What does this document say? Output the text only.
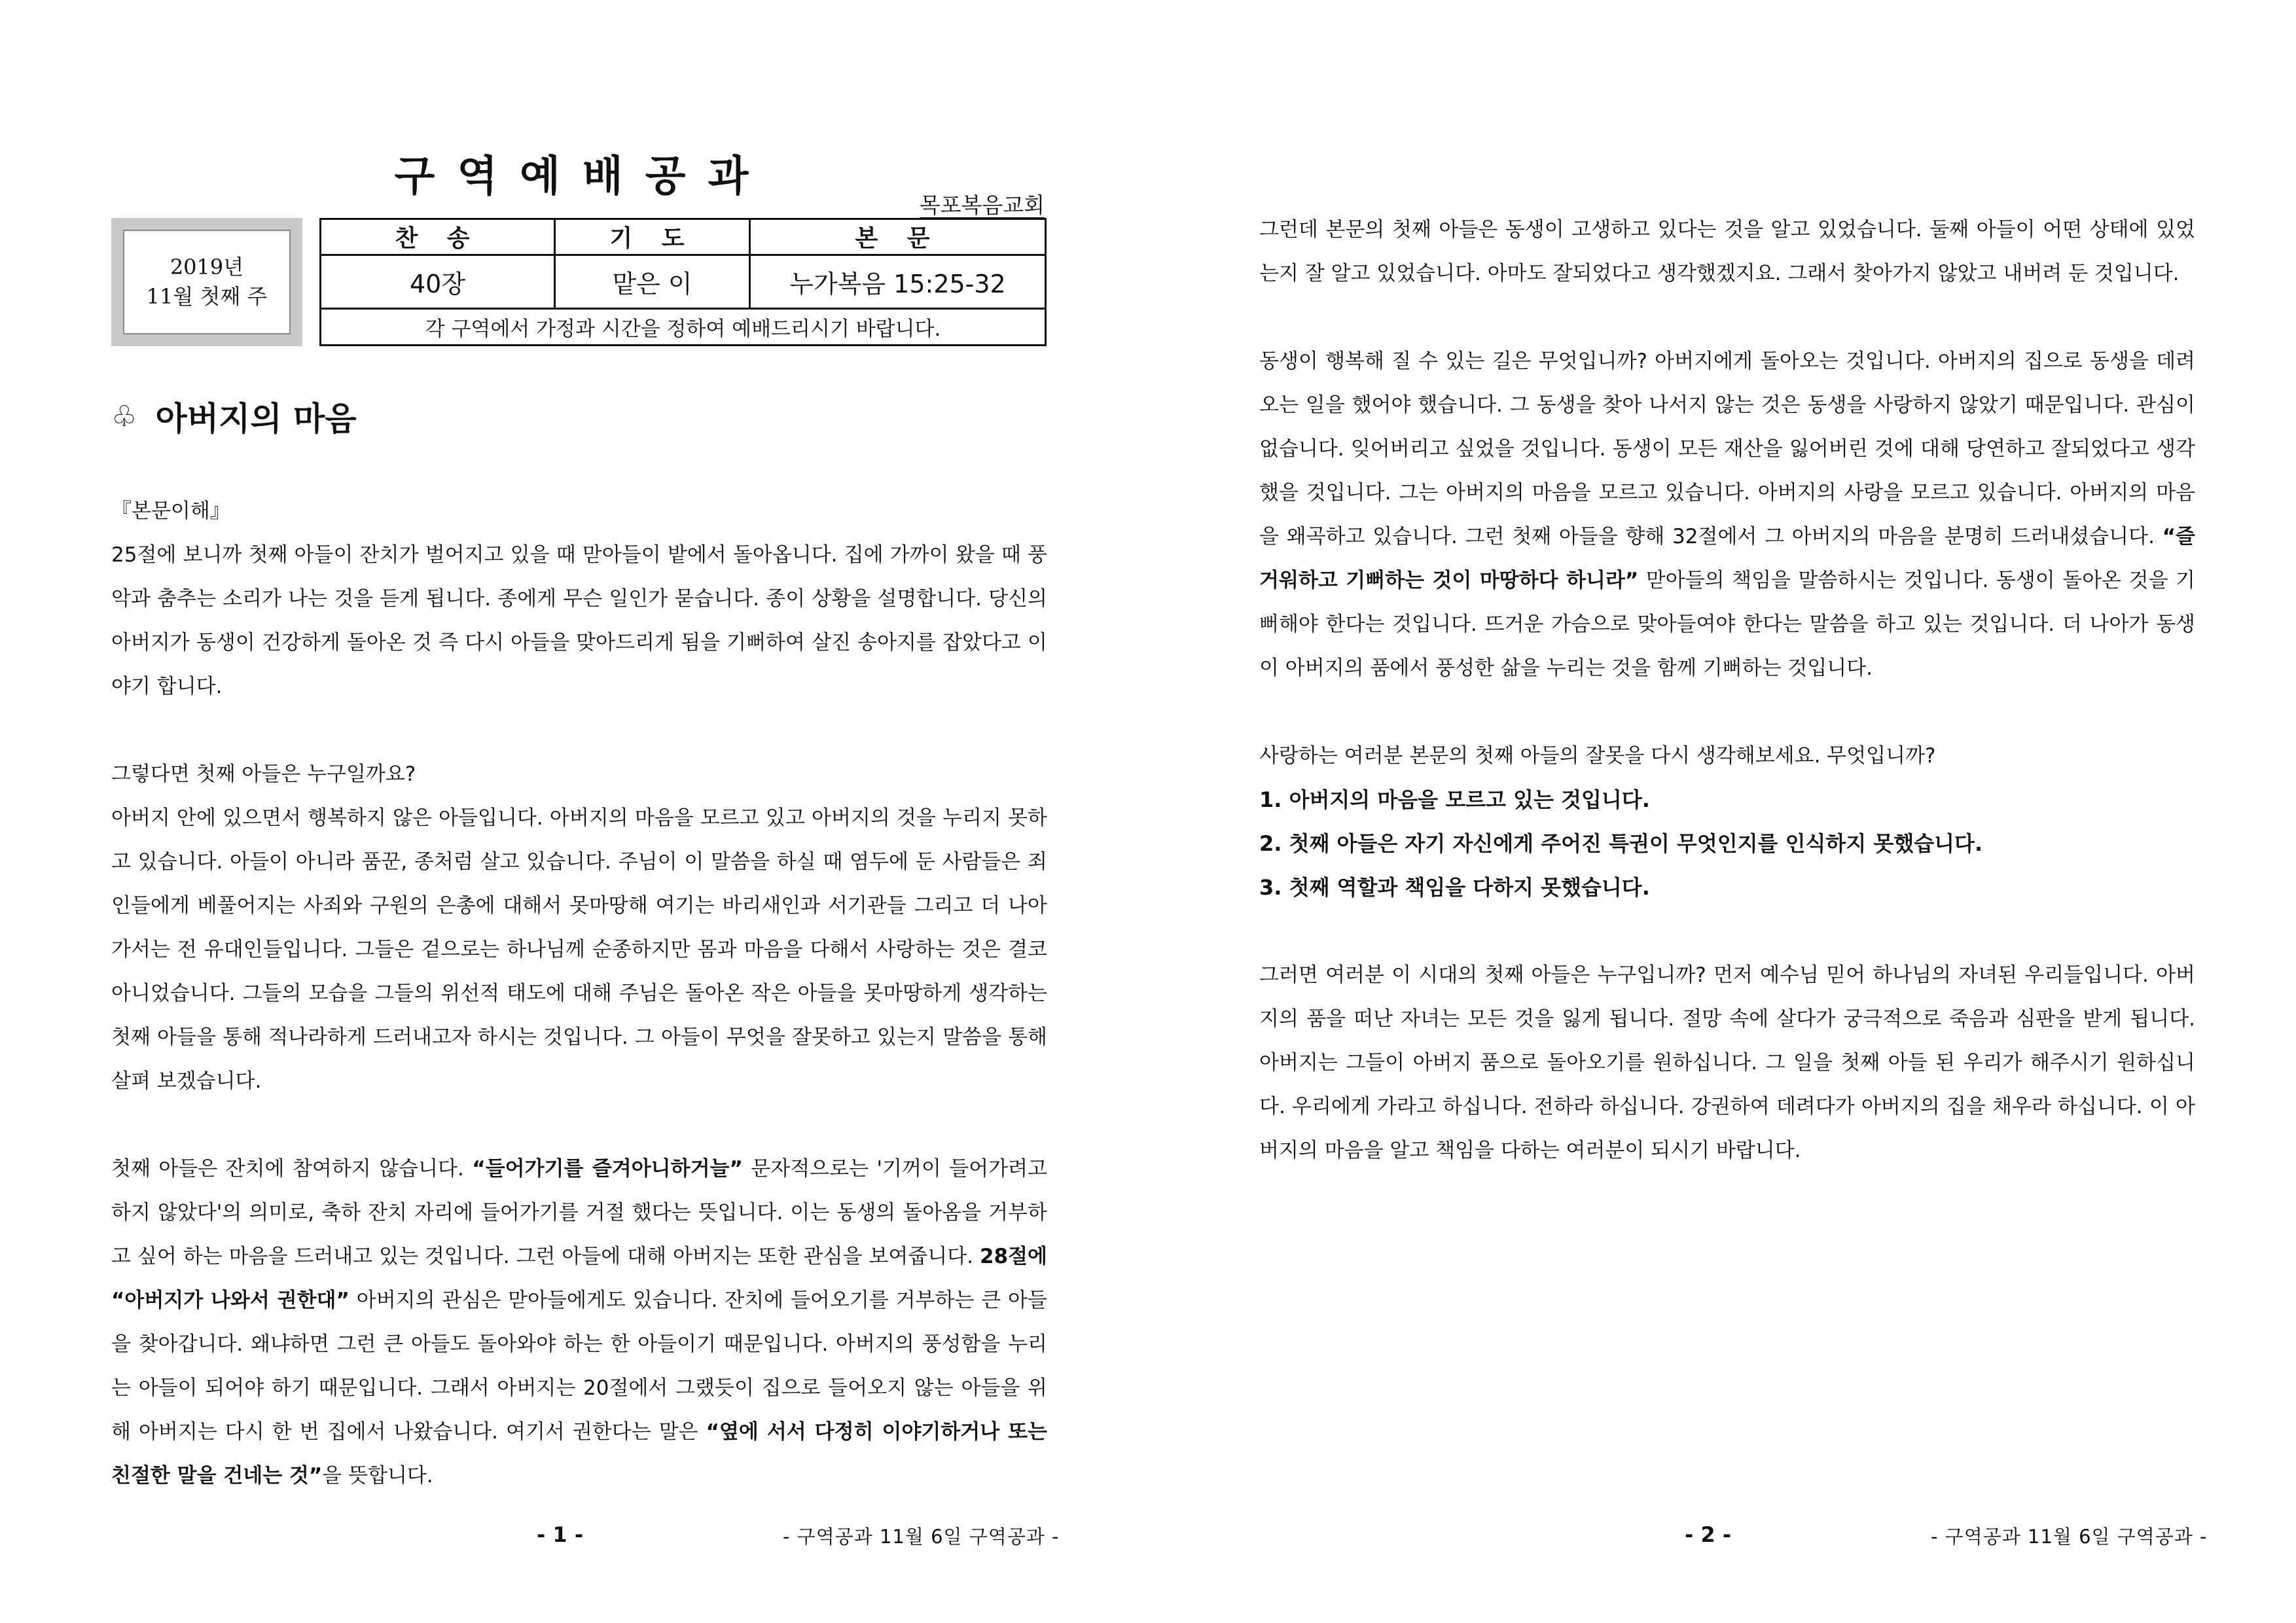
구역예배공과
목포복음교회
2019년
11월 첫째 주
찬 송	기 도	본 문
40장	맡은 이	누가복음 15:25-32
각 구역에서 가정과 시간을 정하여 예배드리시기 바랍니다.		
♧ 아버지의 마음

『본문이해』

25절에 보니까 첫째 아들이 잔치가 벌어지고 있을 때 맏아들이 밭에서 돌아옵니다. 집에 가까이 왔을 때 풍악과 춤추는 소리가 나는 것을 듣게 됩니다. 종에게 무슨 일인가 묻습니다. 종이 상황을 설명합니다. 당신의 아버지가 동생이 건강하게 돌아온 것 즉 다시 아들을 맞아드리게 됨을 기뻐하여 살진 송아지를 잡았다고 이야기 합니다.

그렇다면 첫째 아들은 누구일까요?

아버지 안에 있으면서 행복하지 않은 아들입니다. 아버지의 마음을 모르고 있고 아버지의 것을 누리지 못하고 있습니다. 아들이 아니라 품꾼, 종처럼 살고 있습니다. 주님이 이 말씀을 하실 때 염두에 둔 사람들은 죄인들에게 베풀어지는 사죄와 구원의 은총에 대해서 못마땅해 여기는 바리새인과 서기관들 그리고 더 나아가서는 전 유대인들입니다. 그들은 겉으로는 하나님께 순종하지만 몸과 마음을 다해서 사랑하는 것은 결코 아니었습니다. 그들의 모습을 그들의 위선적 태도에 대해 주님은 돌아온 작은 아들을 못마땅하게 생각하는 첫째 아들을 통해 적나라하게 드러내고자 하시는 것입니다. 그 아들이 무엇을 잘못하고 있는지 말씀을 통해 살펴 보겠습니다.

첫째 아들은 잔치에 참여하지 않습니다. “들어가기를 즐겨아니하거늘” 문자적으로는 '기꺼이 들어가려고 하지 않았다'의 의미로, 축하 잔치 자리에 들어가기를 거절 했다는 뜻입니다. 이는 동생의 돌아옴을 거부하고 싶어 하는 마음을 드러내고 있는 것입니다. 그런 아들에 대해 아버지는 또한 관심을 보여줍니다. 28절에 “아버지가 나와서 권한대” 아버지의 관심은 맏아들에게도 있습니다. 잔치에 들어오기를 거부하는 큰 아들을 찾아갑니다. 왜냐하면 그런 큰 아들도 돌아와야 하는 한 아들이기 때문입니다. 아버지의 풍성함을 누리는 아들이 되어야 하기 때문입니다. 그래서 아버지는 20절에서 그랬듯이 집으로 들어오지 않는 아들을 위해 아버지는 다시 한 번 집에서 나왔습니다. 여기서 권한다는 말은 “옆에 서서 다정히 이야기하거나 또는 친절한 말을 건네는 것”을 뜻합니다.

- 1 -	- 구역공과 11월 6일 구역공과 -

그런데 본문의 첫째 아들은 동생이 고생하고 있다는 것을 알고 있었습니다. 둘째 아들이 어떤 상태에 있었는지 잘 알고 있었습니다. 아마도 잘되었다고 생각했겠지요. 그래서 찾아가지 않았고 내버려 둔 것입니다.

동생이 행복해 질 수 있는 길은 무엇입니까? 아버지에게 돌아오는 것입니다. 아버지의 집으로 동생을 데려오는 일을 했어야 했습니다. 그 동생을 찾아 나서지 않는 것은 동생을 사랑하지 않았기 때문입니다. 관심이 없습니다. 잊어버리고 싶었을 것입니다. 동생이 모든 재산을 잃어버린 것에 대해 당연하고 잘되었다고 생각했을 것입니다. 그는 아버지의 마음을 모르고 있습니다. 아버지의 사랑을 모르고 있습니다. 아버지의 마음을 왜곡하고 있습니다. 그런 첫째 아들을 향해 32절에서 그 아버지의 마음을 분명히 드러내셨습니다. “즐거워하고 기뻐하는 것이 마땅하다 하니라” 맏아들의 책임을 말씀하시는 것입니다. 동생이 돌아온 것을 기뻐해야 한다는 것입니다. 뜨거운 가슴으로 맞아들여야 한다는 말씀을 하고 있는 것입니다. 더 나아가 동생이 아버지의 품에서 풍성한 삶을 누리는 것을 함께 기뻐하는 것입니다.

사랑하는 여러분 본문의 첫째 아들의 잘못을 다시 생각해보세요. 무엇입니까?

1. 아버지의 마음을 모르고 있는 것입니다.

2. 첫째 아들은 자기 자신에게 주어진 특권이 무엇인지를 인식하지 못했습니다.

3. 첫째 역할과 책임을 다하지 못했습니다.

그러면 여러분 이 시대의 첫째 아들은 누구입니까? 먼저 예수님 믿어 하나님의 자녀된 우리들입니다. 아버지의 품을 떠난 자녀는 모든 것을 잃게 됩니다. 절망 속에 살다가 궁극적으로 죽음과 심판을 받게 됩니다. 아버지는 그들이 아버지 품으로 돌아오기를 원하십니다. 그 일을 첫째 아들 된 우리가 해주시기 원하십니다. 우리에게 가라고 하십니다. 전하라 하십니다. 강권하여 데려다가 아버지의 집을 채우라 하십니다. 이 아버지의 마음을 알고 책임을 다하는 여러분이 되시기 바랍니다.

- 2 -	- 구역공과 11월 6일 구역공과 -
